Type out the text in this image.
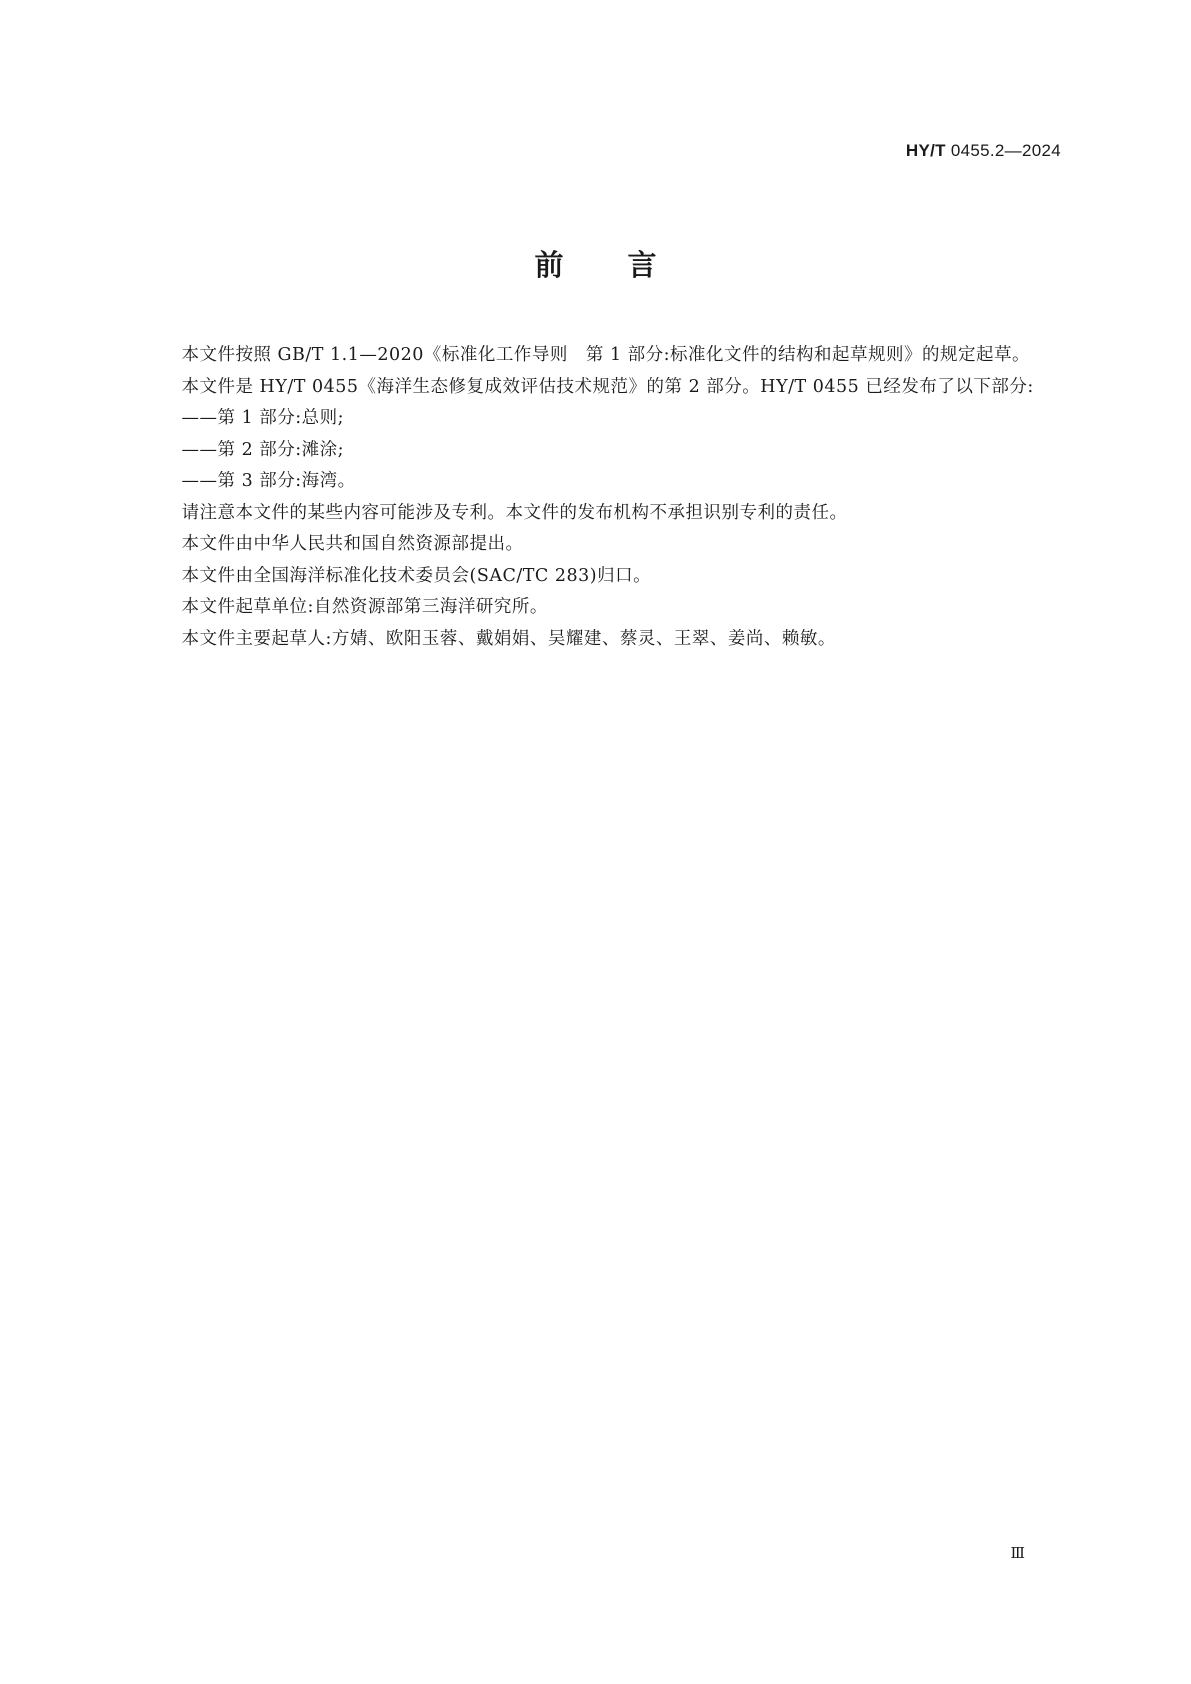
HY/T 0455.2—2024
前言

本文件按照 GB/T 1.1—2020《标准化工作导则　第 1 部分:标准化文件的结构和起草规则》的规定起草。

本文件是 HY/T 0455《海洋生态修复成效评估技术规范》的第 2 部分。HY/T 0455 已经发布了以下部分:

——第 1 部分:总则;

——第 2 部分:滩涂;

——第 3 部分:海湾。

请注意本文件的某些内容可能涉及专利。本文件的发布机构不承担识别专利的责任。

本文件由中华人民共和国自然资源部提出。

本文件由全国海洋标准化技术委员会(SAC/TC 283)归口。

本文件起草单位:自然资源部第三海洋研究所。

本文件主要起草人:方婧、欧阳玉蓉、戴娟娟、吴耀建、蔡灵、王翠、姜尚、赖敏。

Ⅲ
